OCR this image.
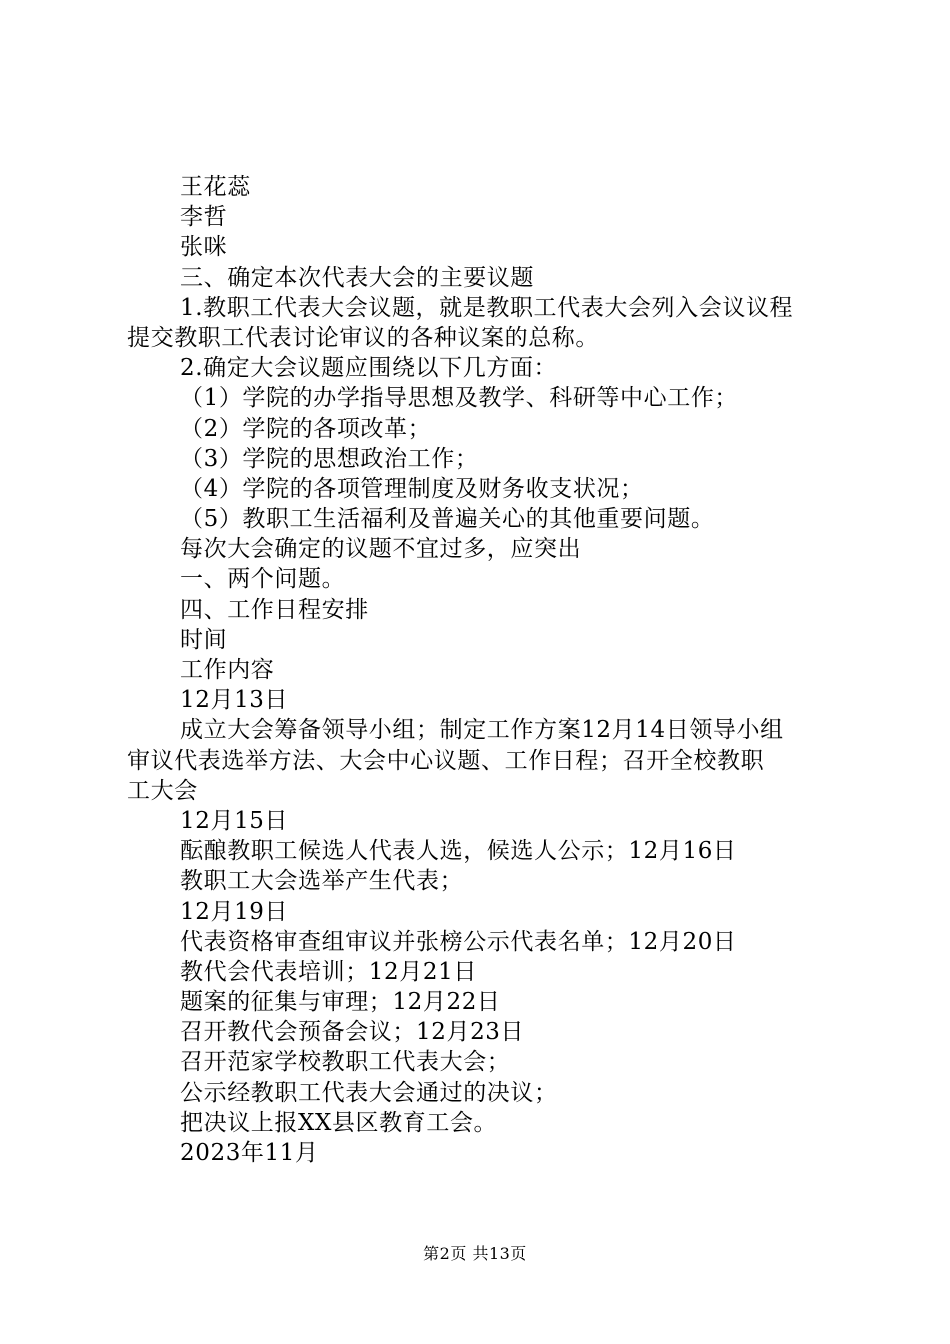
王花蕊
李哲
张咪
三、确定本次代表大会的主要议题
1.教职工代表大会议题，就是教职工代表大会列入会议议程
提交教职工代表讨论审议的各种议案的总称。
2.确定大会议题应围绕以下几方面：
（1）学院的办学指导思想及教学、科研等中心工作；
（2）学院的各项改革；
（3）学院的思想政治工作；
（4）学院的各项管理制度及财务收支状况；
（5）教职工生活福利及普遍关心的其他重要问题。
每次大会确定的议题不宜过多，应突出
一、两个问题。
四、工作日程安排
时间
工作内容
12月13日
成立大会筹备领导小组；制定工作方案12月14日领导小组
审议代表选举方法、大会中心议题、工作日程；召开全校教职
工大会
12月15日
酝酿教职工候选人代表人选，候选人公示；12月16日
教职工大会选举产生代表；
12月19日
代表资格审查组审议并张榜公示代表名单；12月20日
教代会代表培训；12月21日
题案的征集与审理；12月22日
召开教代会预备会议；12月23日
召开范家学校教职工代表大会；
公示经教职工代表大会通过的决议；
把决议上报XX县区教育工会。
2023年11月
第2页 共13页
